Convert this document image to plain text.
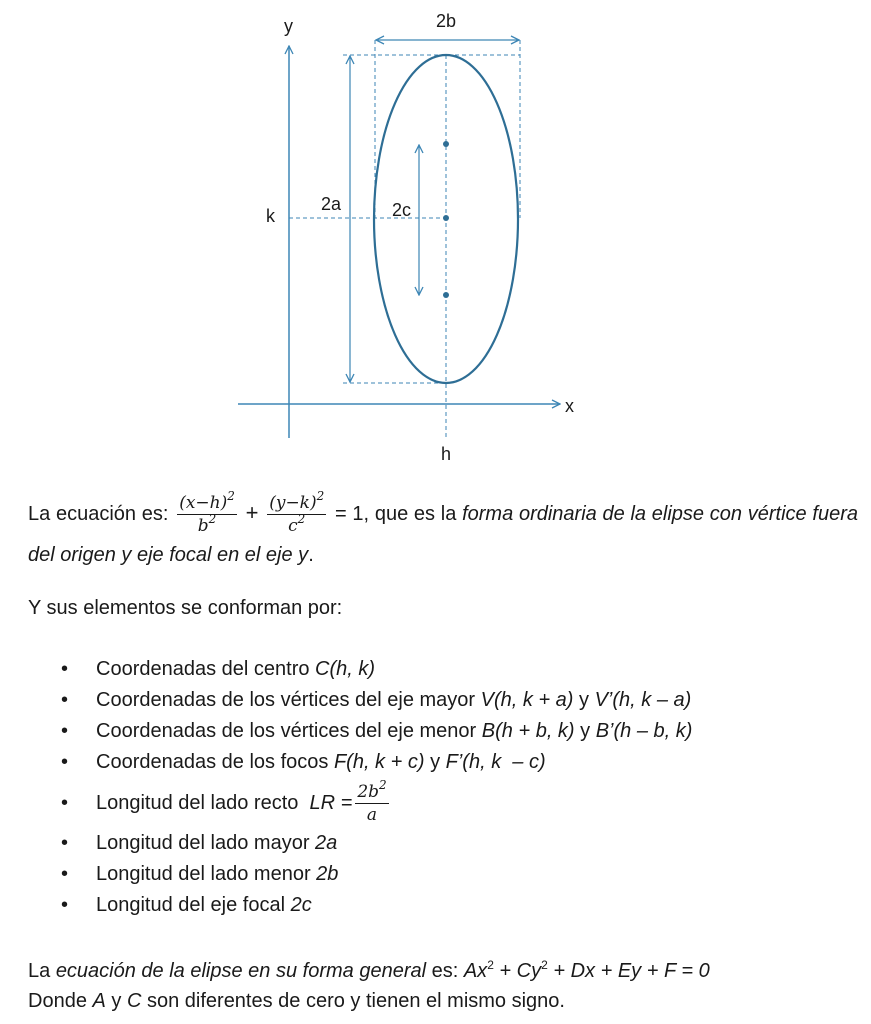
y
x
k
h
2a
2b
2c
La ecuación es: $\frac{(x-h)^2}{b^2} + \frac{(y-k)^2}{c^2} = 1$, que es la forma ordinaria de la elipse con vértice fuera del origen y eje focal en el eje y.
Y sus elementos se conforman por:
• Coordenadas del centro C(h, k)
• Coordenadas de los vértices del eje mayor V(h, k + a) y V’(h, k – a)
• Coordenadas de los vértices del eje menor B(h + b, k) y B’(h – b, k)
• Coordenadas de los focos F(h, k + c) y F’(h, k  – c)
• Longitud del lado recto  LR = $\frac{2b^2}{a}$
• Longitud del lado mayor 2a
• Longitud del lado menor 2b
• Longitud del eje focal 2c
La ecuación de la elipse en su forma general es: $Ax^2 + Cy^2 + Dx + Ey + F = 0$
Donde A y C son diferentes de cero y tienen el mismo signo.
